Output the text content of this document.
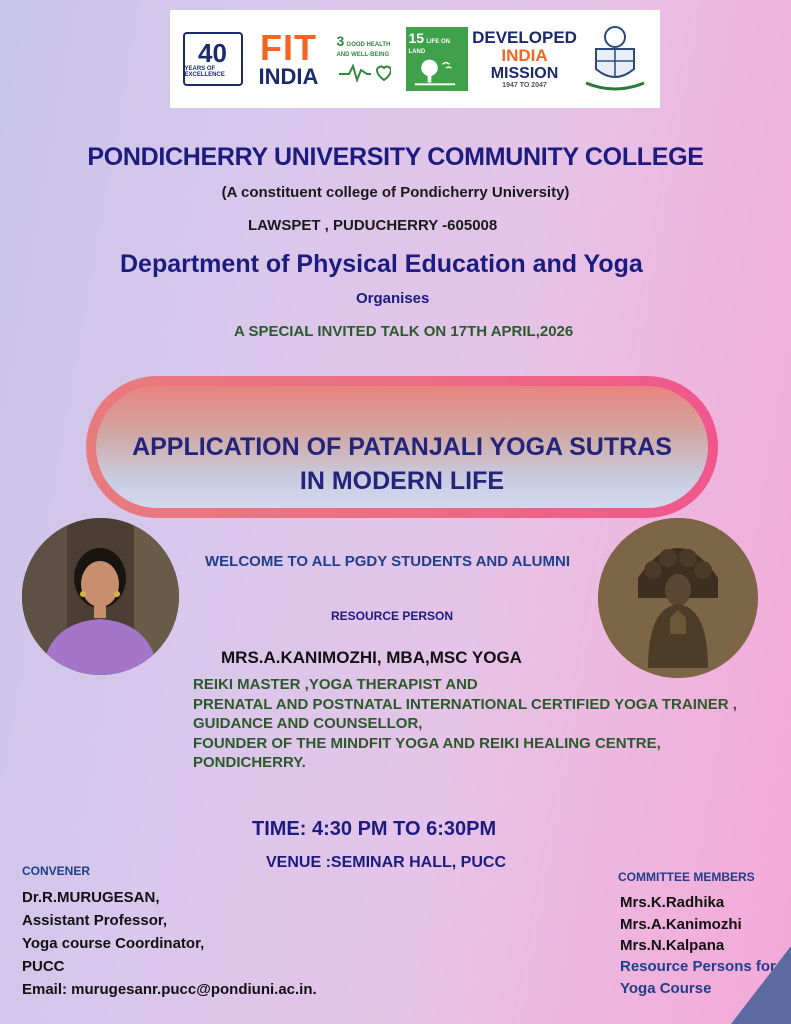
40
YEARS OF EXCELLENCE
FIT
INDIA
3 GOOD HEALTH AND WELL-BEING
15 LIFE ON LAND
DEVELOPED
INDIA
MISSION
1947 TO 2047
PONDICHERRY UNIVERSITY COMMUNITY COLLEGE
(A constituent college of Pondicherry University)
LAWSPET , PUDUCHERRY -605008
Department of Physical Education and Yoga
Organises
A SPECIAL INVITED TALK ON 17TH APRIL,2026
APPLICATION OF PATANJALI YOGA SUTRAS
IN MODERN LIFE
WELCOME TO ALL PGDY STUDENTS AND ALUMNI
RESOURCE PERSON
MRS.A.KANIMOZHI, MBA,MSC YOGA
REIKI MASTER ,YOGA THERAPIST AND
PRENATAL AND POSTNATAL INTERNATIONAL CERTIFIED YOGA TRAINER ,
GUIDANCE AND COUNSELLOR,
FOUNDER OF THE MINDFIT YOGA AND REIKI HEALING CENTRE,
PONDICHERRY.
TIME: 4:30 PM TO 6:30PM
VENUE :SEMINAR HALL, PUCC
CONVENER
Dr.R.MURUGESAN,
Assistant Professor,
Yoga course Coordinator,
PUCC
Email: murugesanr.pucc@pondiuni.ac.in.
COMMITTEE MEMBERS
Mrs.K.Radhika
Mrs.A.Kanimozhi
Mrs.N.Kalpana
Resource Persons for
Yoga Course
